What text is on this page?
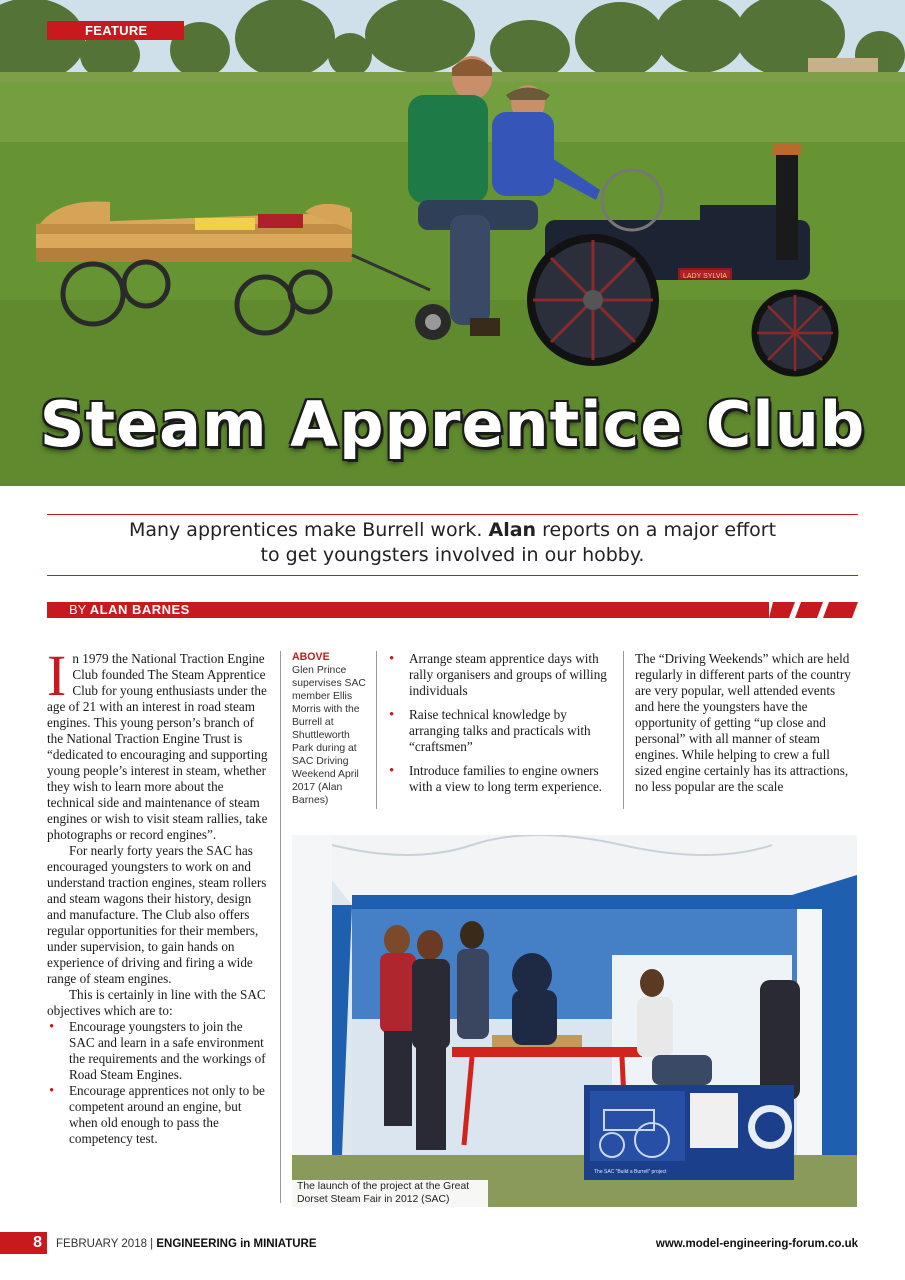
LADY SYLVIA
FEATURE
Steam Apprentice Club
Many apprentices make Burrell work. Alan reports on a major effort
to get youngsters involved in our hobby.
BY ALAN BARNES

In 1979 the National Traction Engine Club founded The Steam Apprentice Club for young enthusiasts under the age of 21 with an interest in road steam engines. This young person’s branch of the National Traction Engine Trust is “dedicated to encouraging and supporting young people’s interest in steam, whether they wish to learn more about the technical side and maintenance of steam engines or wish to visit steam rallies, take photographs or record engines”.

For nearly forty years the SAC has encouraged youngsters to work on and understand traction engines, steam rollers and steam wagons their history, design and manufacture. The Club also offers regular opportunities for their members, under supervision, to gain hands on experience of driving and firing a wide range of steam engines.

This is certainly in line with the SAC objectives which are to:

• Encourage youngsters to join the SAC and learn in a safe environment the requirements and the workings of Road Steam Engines.
• Encourage apprentices not only to be competent around an engine, but when old enough to pass the competency test.
ABOVE
Glen Prince supervises SAC member Ellis Morris with the Burrell at Shuttleworth Park during at SAC Driving Weekend April 2017 (Alan Barnes)
• Arrange steam apprentice days with rally organisers and groups of willing individuals
• Raise technical knowledge by arranging talks and practicals with “craftsmen”
• Introduce families to engine owners with a view to long term experience.

The “Driving Weekends” which are held regularly in different parts of the country are very popular, well attended events and here the youngsters have the opportunity of getting “up close and personal” with all manner of steam engines. While helping to crew a full sized engine certainly has its attractions, no less popular are the scale

The SAC “Build a Burrell” project
The launch of the project at the Great Dorset Steam Fair in 2012 (SAC)
8	FEBRUARY 2018 | ENGINEERING in MINIATURE	www.model-engineering-forum.co.uk
